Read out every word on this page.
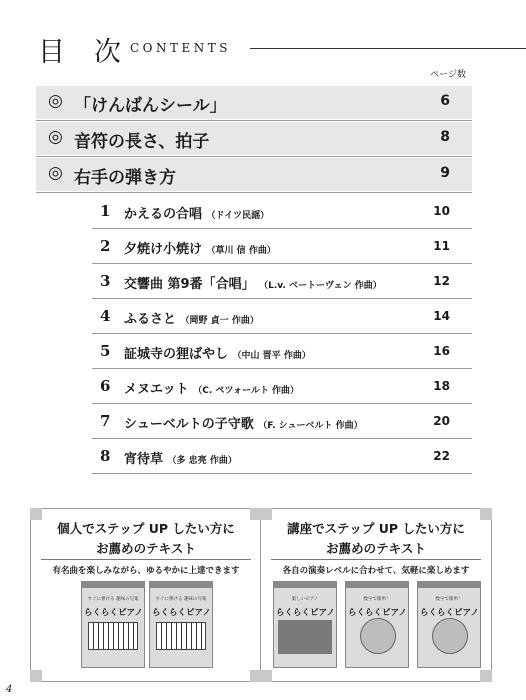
目 次 CONTENTS
ページ数
◎ 「けんばんシール」	6
◎ 音符の長さ、拍子	8
◎ 右手の弾き方	9
1 かえるの合唱 （ドイツ民謡）	10
2 夕焼け小焼け （草川 信 作曲）	11
3 交響曲 第9番「合唱」 （L.v. ベートーヴェン 作曲）	12
4 ふるさと （岡野 貞一 作曲）	14
5 証城寺の狸ばやし （中山 晋平 作曲）	16
6 メヌエット （C. ペツォールト 作曲）	18
7 シューベルトの子守歌 （F. シューベルト 作曲）	20
8 宵待草 （多 忠亮 作曲）	22
個人でステップ UP したい方に
お薦めのテキスト
有名曲を楽しみながら、ゆるやかに上達できます
すぐに弾ける 趣味の写楽
らくらくピアノ
すぐに弾ける 趣味の写楽
らくらくピアノ
講座でステップ UP したい方に
お薦めのテキスト
各自の演奏レベルに合わせて、気軽に楽しめます
楽しいピアノ
らくらくピアノ
数字で簡単！
らくらくピアノ
数字で簡単！
らくらくピアノ
4
